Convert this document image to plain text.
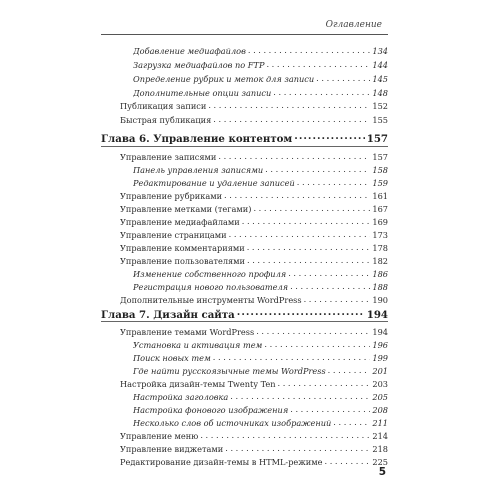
Оглавление
Добавление медиафайлов . . .	134
Загрузка медиафайлов по FTP . . .	144
Определение рубрик и меток для записи . . .	145
Дополнительные опции записи . . .	148
Публикация записи . . .	152
Быстрая публикация . . .	155
Глава 6. Управление контентом .....	157
Управление записями . . .	157
Панель управления записями . . .	158
Редактирование и удаление записей . . .	159
Управление рубриками . . .	161
Управление метками (тегами) . . .	167
Управление медиафайлами . . .	169
Управление страницами . . .	173
Управление комментариями . . .	178
Управление пользователями . . .	182
Изменение собственного профиля . . .	186
Регистрация нового пользователя . . .	188
Дополнительные инструменты WordPress . . .	190
Глава 7. Дизайн сайта .....	194
Управление темами WordPress . . .	194
Установка и активация тем . . .	196
Поиск новых тем . . .	199
Где найти русскоязычные темы WordPress . . .	201
Настройка дизайн-темы Twenty Ten . . .	203
Настройка заголовка . . .	205
Настройка фонового изображения . . .	208
Несколько слов об источниках изображений . . .	211
Управление меню . . .	214
Управление виджетами . . .	218
Редактирование дизайн-темы в HTML-режиме . . .	225
5
